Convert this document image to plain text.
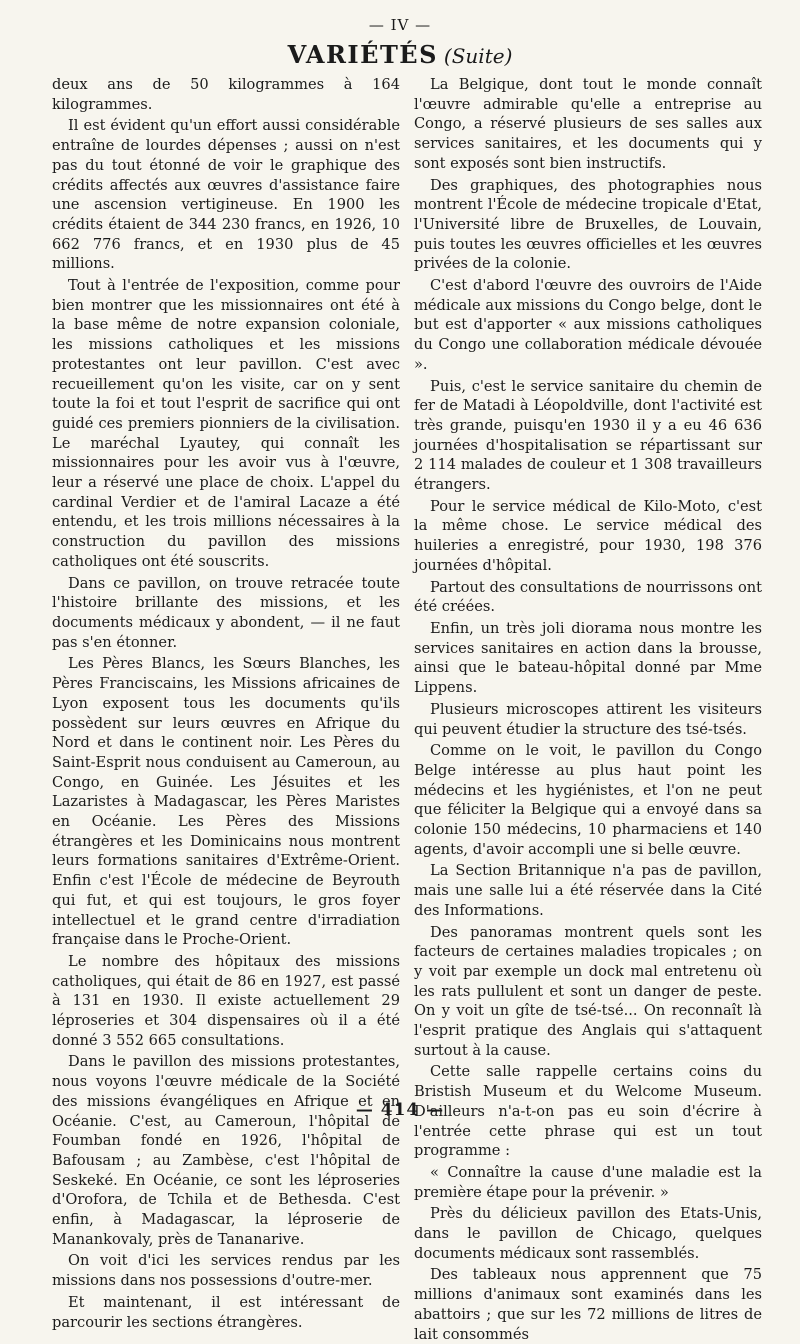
— IV —
VARIÉTÉS (Suite)

deux ans de 50 kilogrammes à 164 kilogrammes.

Il est évident qu'un effort aussi considérable entraîne de lourdes dépenses ; aussi on n'est pas du tout étonné de voir le graphique des crédits affectés aux œuvres d'assistance faire une ascension vertigineuse. En 1900 les crédits étaient de 344 230 francs, en 1926, 10 662 776 francs, et en 1930 plus de 45 millions.

Tout à l'entrée de l'exposition, comme pour bien montrer que les missionnaires ont été à la base même de notre expansion coloniale, les missions catholiques et les missions protestantes ont leur pavillon. C'est avec recueillement qu'on les visite, car on y sent toute la foi et tout l'esprit de sacrifice qui ont guidé ces premiers pionniers de la civilisation. Le maréchal Lyautey, qui connaît les missionnaires pour les avoir vus à l'œuvre, leur a réservé une place de choix. L'appel du cardinal Verdier et de l'amiral Lacaze a été entendu, et les trois millions nécessaires à la construction du pavillon des missions catholiques ont été souscrits.

Dans ce pavillon, on trouve retracée toute l'histoire brillante des missions, et les documents médicaux y abondent, — il ne faut pas s'en étonner.

Les Pères Blancs, les Sœurs Blanches, les Pères Franciscains, les Missions africaines de Lyon exposent tous les documents qu'ils possèdent sur leurs œuvres en Afrique du Nord et dans le continent noir. Les Pères du Saint-Esprit nous conduisent au Cameroun, au Congo, en Guinée. Les Jésuites et les Lazaristes à Madagascar, les Pères Maristes en Océanie. Les Pères des Missions étrangères et les Dominicains nous montrent leurs formations sanitaires d'Extrême-Orient. Enfin c'est l'École de médecine de Beyrouth qui fut, et qui est toujours, le gros foyer intellectuel et le grand centre d'irradiation française dans le Proche-Orient.

Le nombre des hôpitaux des missions catholiques, qui était de 86 en 1927, est passé à 131 en 1930. Il existe actuellement 29 léproseries et 304 dispensaires où il a été donné 3 552 665 consultations.

Dans le pavillon des missions protestantes, nous voyons l'œuvre médicale de la Société des missions évangéliques en Afrique et en Océanie. C'est, au Cameroun, l'hôpital de Foumban fondé en 1926, l'hôpital de Bafousam ; au Zambèse, c'est l'hôpital de Seskeké. En Océanie, ce sont les léproseries d'Orofora, de Tchila et de Bethesda. C'est enfin, à Madagascar, la léproserie de Manankovaly, près de Tananarive.

On voit d'ici les services rendus par les missions dans nos possessions d'outre-mer.

Et maintenant, il est intéressant de parcourir les sections étrangères.

La Belgique, dont tout le monde connaît l'œuvre admirable qu'elle a entreprise au Congo, a réservé plusieurs de ses salles aux services sanitaires, et les documents qui y sont exposés sont bien instructifs.

Des graphiques, des photographies nous montrent l'École de médecine tropicale d'Etat, l'Université libre de Bruxelles, de Louvain, puis toutes les œuvres officielles et les œuvres privées de la colonie.

C'est d'abord l'œuvre des ouvroirs de l'Aide médicale aux missions du Congo belge, dont le but est d'apporter « aux missions catholiques du Congo une collaboration médicale dévouée ».

Puis, c'est le service sanitaire du chemin de fer de Matadi à Léopoldville, dont l'activité est très grande, puisqu'en 1930 il y a eu 46 636 journées d'hospitalisation se répartissant sur 2 114 malades de couleur et 1 308 travailleurs étrangers.

Pour le service médical de Kilo-Moto, c'est la même chose. Le service médical des huileries a enregistré, pour 1930, 198 376 journées d'hôpital.

Partout des consultations de nourrissons ont été créées.

Enfin, un très joli diorama nous montre les services sanitaires en action dans la brousse, ainsi que le bateau-hôpital donné par Mme Lippens.

Plusieurs microscopes attirent les visiteurs qui peuvent étudier la structure des tsé-tsés.

Comme on le voit, le pavillon du Congo Belge intéresse au plus haut point les médecins et les hygiénistes, et l'on ne peut que féliciter la Belgique qui a envoyé dans sa colonie 150 médecins, 10 pharmaciens et 140 agents, d'avoir accompli une si belle œuvre.

La Section Britannique n'a pas de pavillon, mais une salle lui a été réservée dans la Cité des Informations.

Des panoramas montrent quels sont les facteurs de certaines maladies tropicales ; on y voit par exemple un dock mal entretenu où les rats pullulent et sont un danger de peste. On y voit un gîte de tsé-tsé... On reconnaît là l'esprit pratique des Anglais qui s'attaquent surtout à la cause.

Cette salle rappelle certains coins du Bristish Museum et du Welcome Museum. D'ailleurs n'a-t-on pas eu soin d'écrire à l'entrée cette phrase qui est un tout programme :

« Connaître la cause d'une maladie est la première étape pour la prévenir. »

Près du délicieux pavillon des Etats-Unis, dans le pavillon de Chicago, quelques documents médicaux sont rassemblés.

Des tableaux nous apprennent que 75 millions d'animaux sont examinés dans les abattoirs ; que sur les 72 millions de litres de lait consommés

— 414 —
